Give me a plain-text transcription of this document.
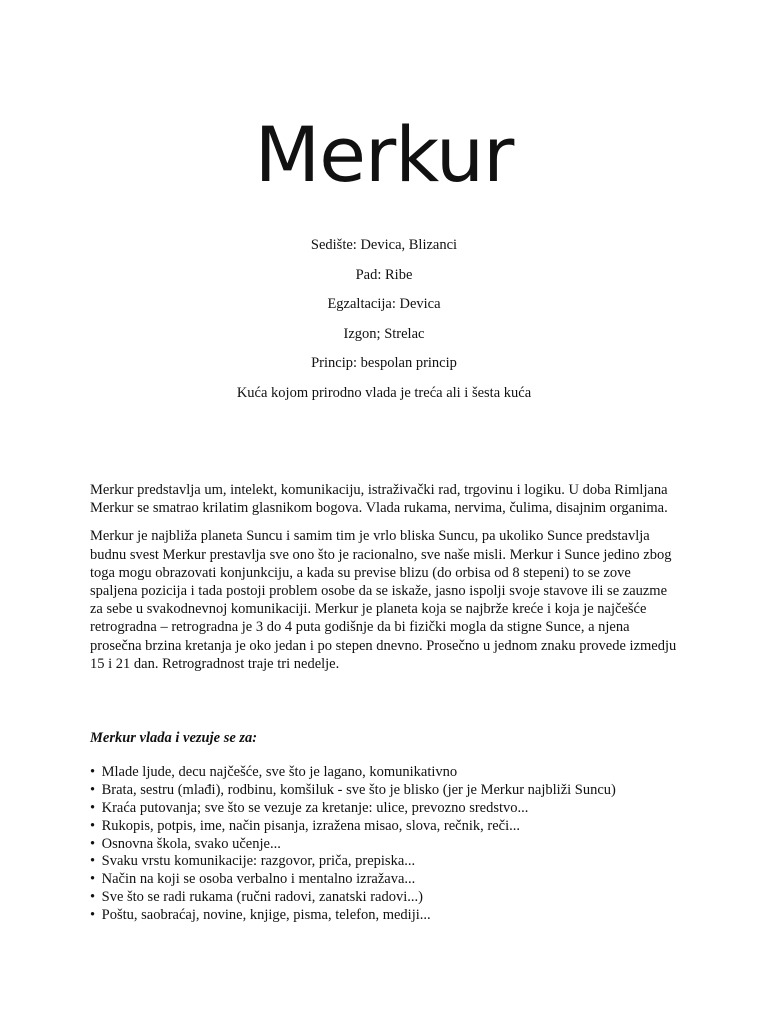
Merkur
Sedište: Devica, Blizanci
Pad: Ribe
Egzaltacija: Devica
Izgon; Strelac
Princip: bespolan princip
Kuća kojom prirodno vlada je treća ali i šesta kuća

Merkur predstavlja um, intelekt, komunikaciju, istraživački rad, trgovinu i logiku. U doba Rimljana Merkur se smatrao krilatim glasnikom bogova. Vlada rukama, nervima, čulima, disajnim organima.

Merkur je najbliža planeta Suncu i samim tim je vrlo bliska Suncu, pa ukoliko Sunce predstavlja budnu svest Merkur prestavlja sve ono što je racionalno, sve naše misli. Merkur i Sunce jedino zbog toga mogu obrazovati konjunkciju, a kada su previse blizu (do orbisa od 8 stepeni) to se zove spaljena pozicija i tada postoji problem osobe da se iskaže, jasno ispolji svoje stavove ili se zauzme za sebe u svakodnevnoj komunikaciji. Merkur je planeta koja se najbrže kreće i koja je najčešće retrogradna – retrogradna je 3 do 4 puta godišnje da bi fizički mogla da stigne Sunce, a njena prosečna brzina kretanja je oko jedan i po stepen dnevno. Prosečno u jednom znaku provede izmedju 15 i 21 dan. Retrogradnost traje tri nedelje.

Merkur vlada i vezuje se za:
• Mlade ljude, decu najčešće, sve što je lagano, komunikativno
• Brata, sestru (mlađi), rodbinu, komšiluk - sve što je blisko (jer je Merkur najbliži Suncu)
• Kraća putovanja; sve što se vezuje za kretanje: ulice, prevozno sredstvo...
• Rukopis, potpis, ime, način pisanja, izražena misao, slova, rečnik, reči...
• Osnovna škola, svako učenje...
• Svaku vrstu komunikacije: razgovor, priča, prepiska...
• Način na koji se osoba verbalno i mentalno izražava...
• Sve što se radi rukama (ručni radovi, zanatski radovi...)
• Poštu, saobraćaj, novine, knjige, pisma, telefon, mediji...
